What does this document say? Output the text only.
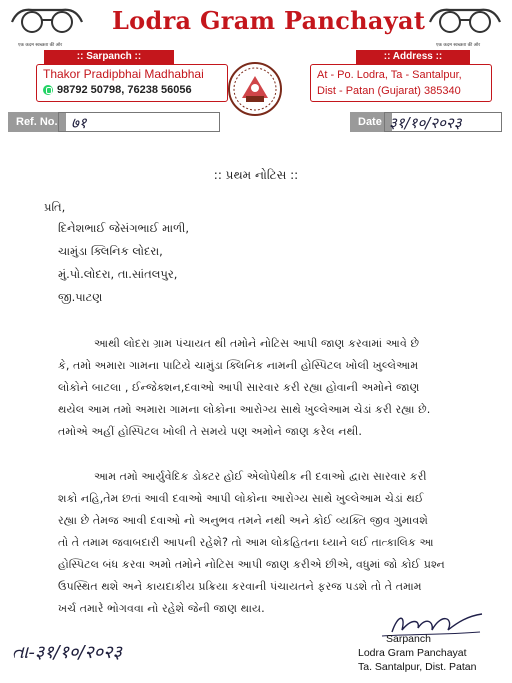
एक कदम स्वच्छता की ओर	एक कदम स्वच्छता की ओर
Lodra Gram Panchayat
:: Sarpanch ::
Thakor Pradipbhai Madhabhai
98792 50798, 76238 56056
:: Address ::
At - Po. Lodra, Ta - Santalpur,
Dist - Patan (Gujarat) 385340
Ref. No. ७१	Date ३१/१०/२०२३
:: પ્રથમ નોટિસ ::
પ્રતિ,
દિનેશભાઈ જેસંગભાઈ માળી,
ચામુંડા ક્લિનિક લોદરા,
મું.પો.લોદરા, તા.સાંતલપુર,
જી.પાટણ
આથી લોદરા ગ્રામ પંચાયત થી તમોને નોટિસ આપી જાણ કરવામાં આવે છે
કે, તમો અમારા ગામના પાટિયે ચામુંડા ક્લિનિક નામની હોસ્પિટલ ખોલી ખુલ્લેઆમ
લોકોને બાટલા , ઈન્જેક્શન,દવાઓ આપી સારવાર કરી રહ્યા હોવાની અમોને જાણ
થયેલ આમ તમો અમારા ગામના લોકોના આરોગ્ય સાથે ખુલ્લેઆમ ચેડાં કરી રહ્યા છે.
તમોએ અહીં હોસ્પિટલ ખોલી તે સમયે પણ અમોને જાણ કરેલ નથી.
આમ તમો આર્યુવેદિક ડોક્ટર હોઈ એલોપેથીક ની દવાઓ દ્વારા સારવાર કરી
શકો નહિ,તેમ છતાં આવી દવાઓ આપી લોકોના આરોગ્ય સાથે ખુલ્લેઆમ ચેડાં થઈ
રહ્યા છે તેમજ આવી દવાઓ નો અનુભવ તમને નથી અને કોઈ વ્યક્તિ જીવ ગુમાવશે
તો તે તમામ જવાબદારી આપની રહેશે? તો આમ લોકહિતના ધ્યાને લઈ તાત્કાલિક આ
હોસ્પિટલ બંધ કરવા અમો તમોને નોટિસ આપી જાણ કરીએ છીએ, વધુમાં જો કોઈ પ્રશ્ન
ઉપસ્થિત થશે અને કાયદાકીય પ્રક્રિયા કરવાની પંચાયતને ફરજ પડશે તો તે તમામ
ખર્ચ તમારે ભોગવવા નો રહેશે જેની જાણ થાય.
તા-३१/१०/२०२३
Sarpanch
Lodra Gram Panchayat
Ta. Santalpur, Dist. Patan
